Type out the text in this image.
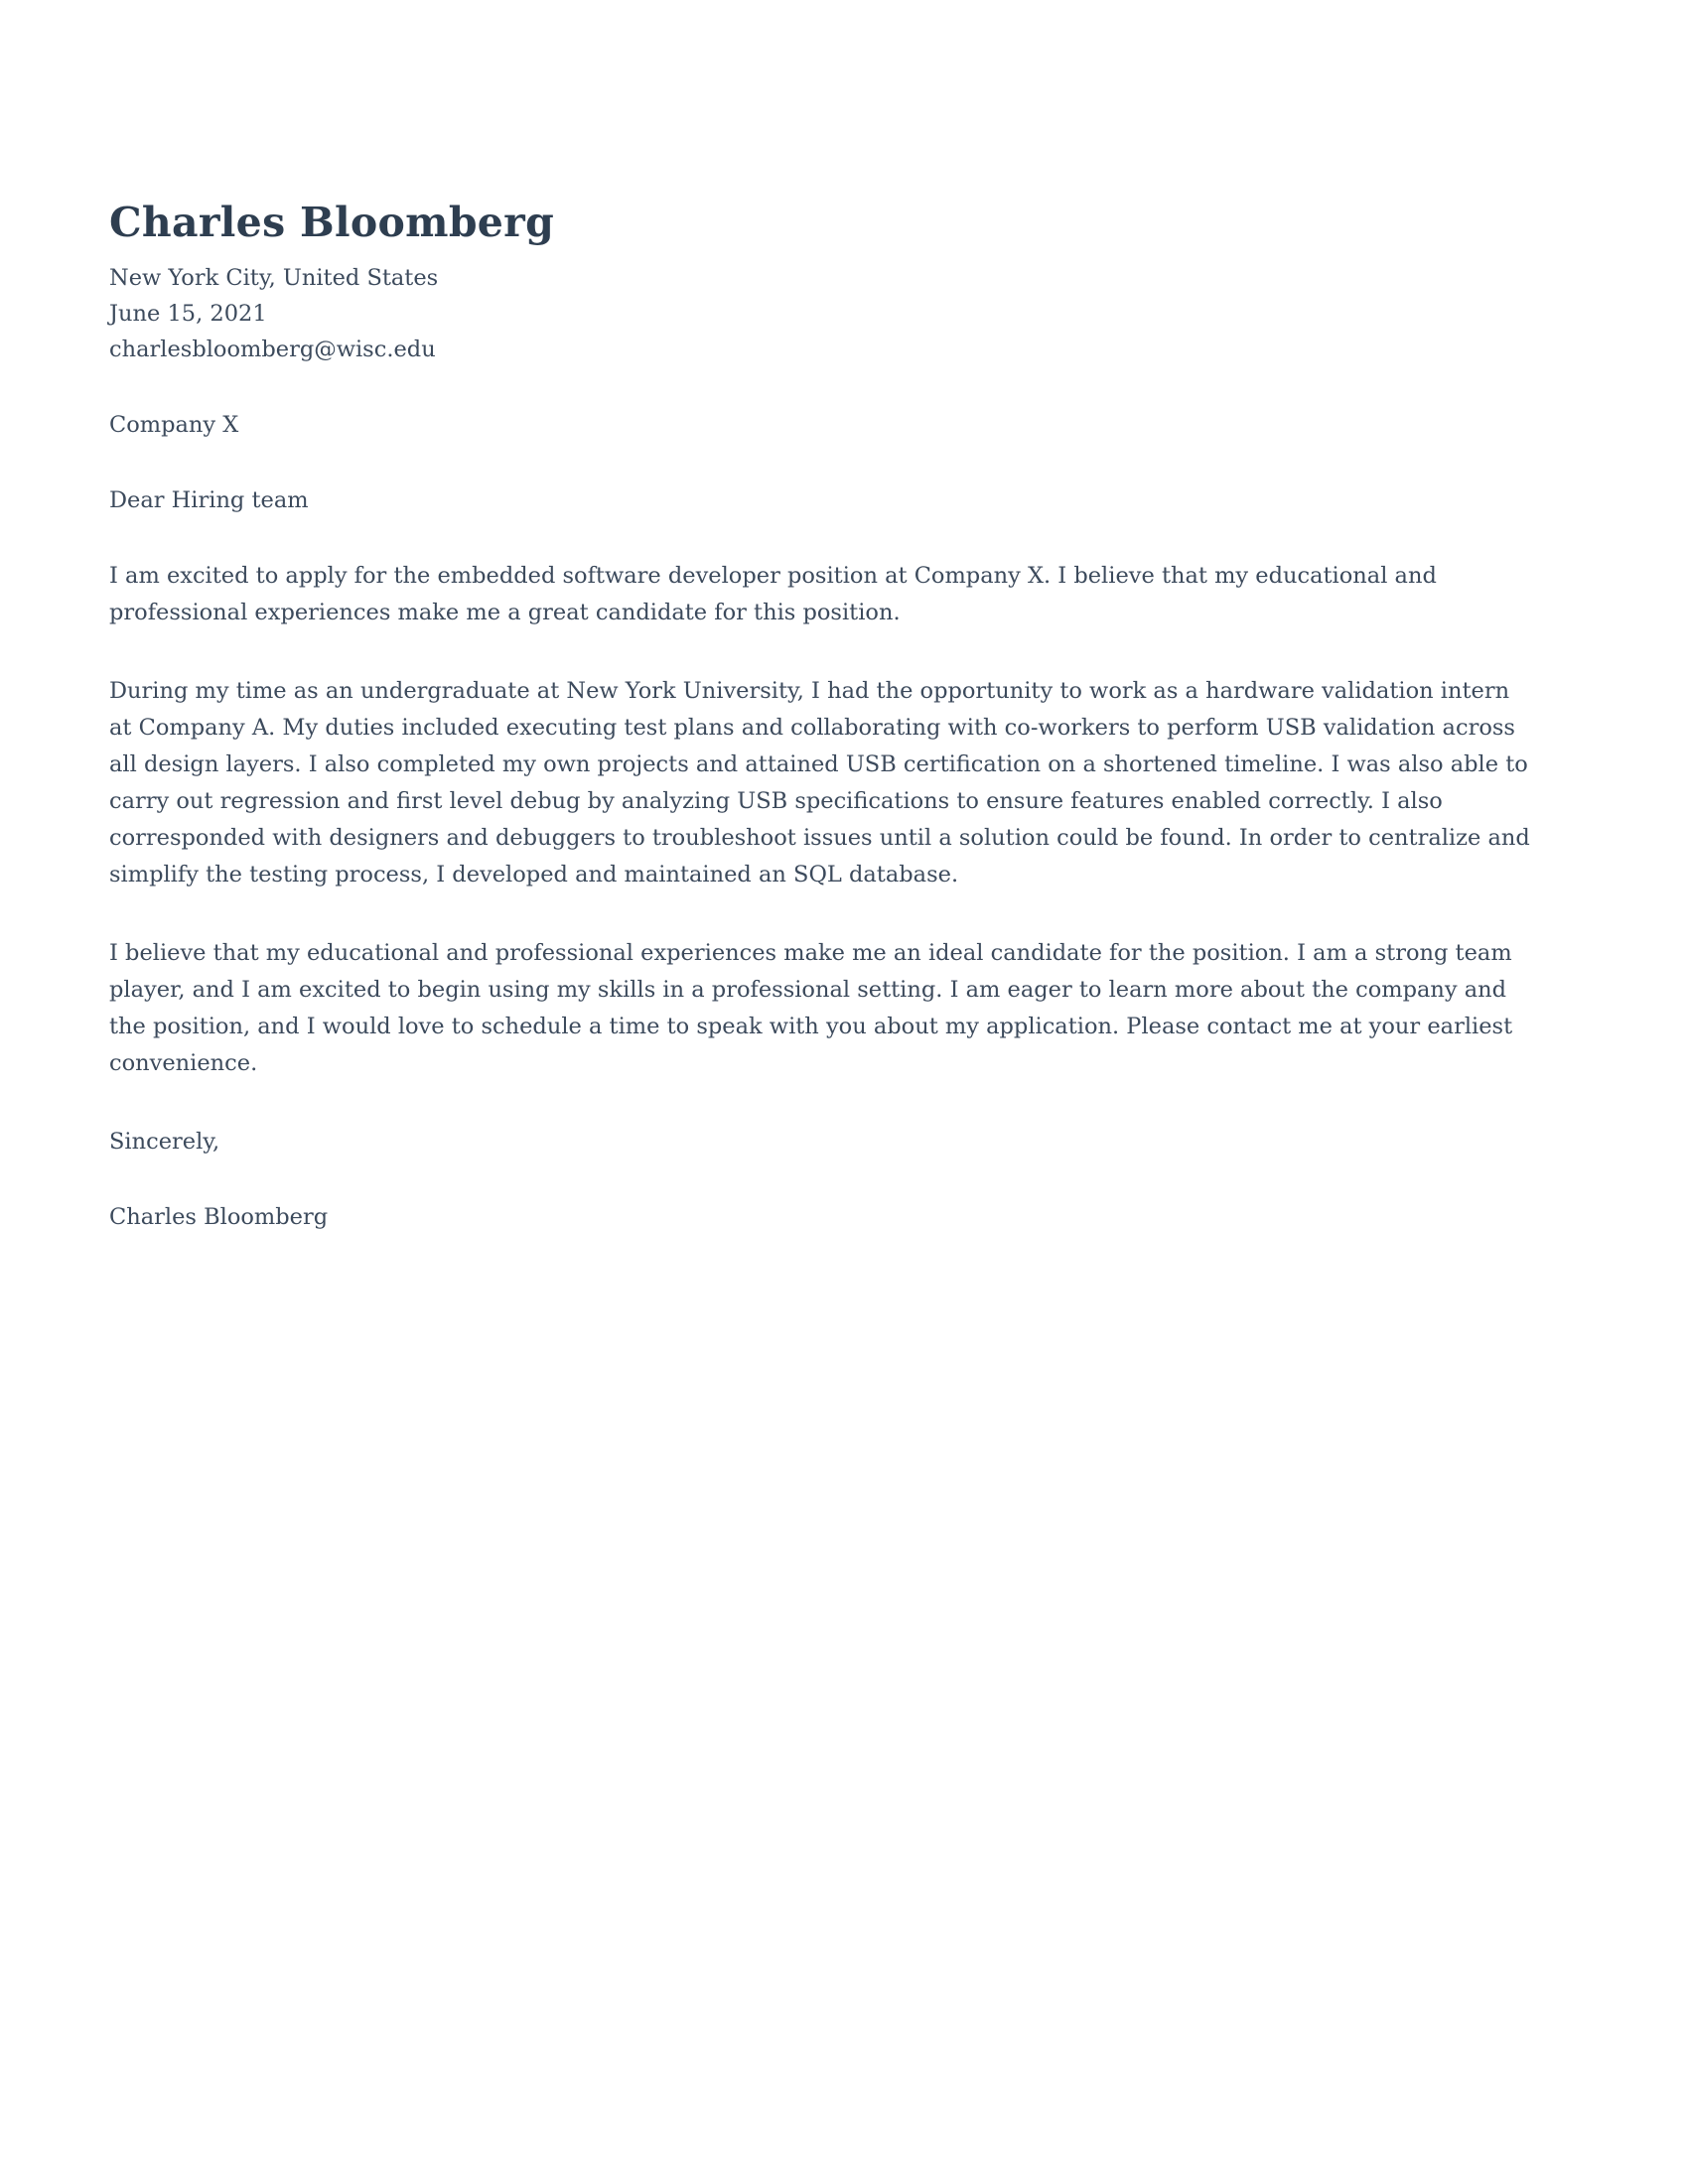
Charles Bloomberg
New York City, United States
June 15, 2021
charlesbloomberg@wisc.edu
Company X
Dear Hiring team

I am excited to apply for the embedded software developer position at Company X. I believe that my educational and professional experiences make me a great candidate for this position.

During my time as an undergraduate at New York University, I had the opportunity to work as a hardware validation intern at Company A. My duties included executing test plans and collaborating with co-workers to perform USB validation across all design layers. I also completed my own projects and attained USB certification on a shortened timeline. I was also able to carry out regression and first level debug by analyzing USB specifications to ensure features enabled correctly. I also corresponded with designers and debuggers to troubleshoot issues until a solution could be found. In order to centralize and simplify the testing process, I developed and maintained an SQL database.

I believe that my educational and professional experiences make me an ideal candidate for the position. I am a strong team player, and I am excited to begin using my skills in a professional setting. I am eager to learn more about the company and the position, and I would love to schedule a time to speak with you about my application. Please contact me at your earliest convenience.

Sincerely,
Charles Bloomberg
